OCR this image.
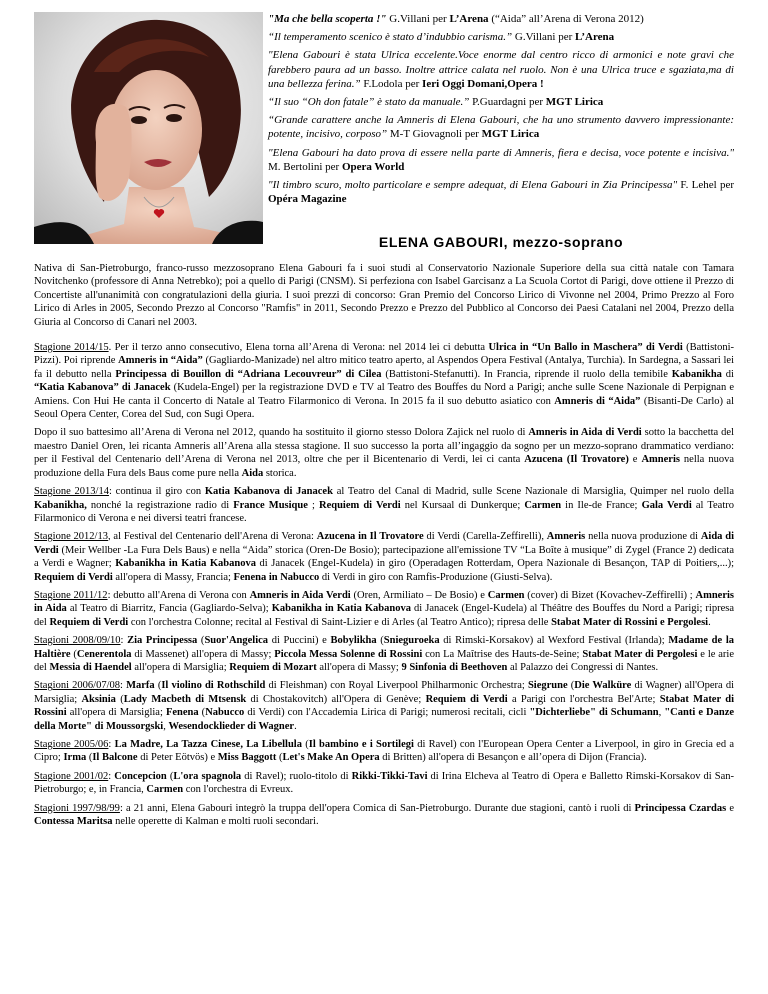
"Ma che bella scoperta !" G.Villani per L’Arena (“Aida” all’Arena di Verona 2012)

“Il temperamento scenico è stato d’indubbio carisma.” G.Villani per L’Arena

"Elena Gabouri è stata Ulrica eccelente.Voce enorme dal centro ricco di armonici e note gravi che farebbero paura ad un basso. Inoltre attrice calata nel ruolo. Non è una Ulrica truce e sgaziata,ma di una bellezza ferina.” F.Lodola per Ieri Oggi Domani,Opera !

“Il suo “Oh don fatale” è stato da manuale.” P.Guardagni per MGT Lirica

“Grande carattere anche la Amneris di Elena Gabouri, che ha uno strumento davvero impressionante: potente, incisivo, corposo” M-T Giovagnoli per MGT Lirica

"Elena Gabouri ha dato prova di essere nella parte di Amneris, fiera e decisa, voce potente e incisiva." M. Bertolini per Opera World

"Il timbro scuro, molto particolare e sempre adequat, di Elena Gabouri in Zia Principessa" F. Lehel per Opéra Magazine

ELENA GABOURI, mezzo-soprano

Nativa di San-Pietroburgo, franco-russo mezzosoprano Elena Gabouri fa i suoi studi al Conservatorio Nazionale Superiore della sua città natale con Tamara Novitchenko (professore di Anna Netrebko); poi a quello di Parigi (CNSM). Si perfeziona con Isabel Garcisanz a La Scuola Cortot di Parigi, dove ottiene il Prezzo di Concertiste all'unanimità con congratulazioni della giuria. I suoi prezzi di concorso: Gran Premio del Concorso Lirico di Vivonne nel 2004, Primo Prezzo al Foro Lirico di Arles in 2005, Secondo Prezzo al Concorso "Ramfis" in 2011, Secondo Prezzo e Prezzo del Pubblico al Concorso dei Paesi Catalani nel 2004, Prezzo della Giuria al Concorso di Canari nel 2003.

Stagione 2014/15. Per il terzo anno consecutivo, Elena torna all’Arena di Verona: nel 2014 lei ci debutta Ulrica in “Un Ballo in Maschera” di Verdi (Battistoni-Pizzi). Poi riprende Amneris in “Aida” (Gagliardo-Manizade) nel altro mitico teatro aperto, al Aspendos Opera Festival (Antalya, Turchia). In Sardegna, a Sassari lei fa il debutto nella Principessa di Bouillon di “Adriana Lecouvreur” di Cilea (Battistoni-Stefanutti). In Francia, riprende il ruolo della temibile Kabanikha di “Katia Kabanova” di Janacek (Kudela-Engel) per la registrazione DVD e TV al Teatro des Bouffes du Nord a Parigi; anche sulle Scene Nazionale di Perpignan e Amiens. Con Hui He canta il Concerto di Natale al Teatro Filarmonico di Verona. In 2015 fa il suo debutto asiatico con Amneris di “Aida” (Bisanti-De Carlo) al Seoul Opera Center, Corea del Sud, con Sugi Opera.

Dopo il suo battesimo all’Arena di Verona nel 2012, quando ha sostituito il giorno stesso Dolora Zajick nel ruolo di Amneris in Aida di Verdi sotto la bacchetta del maestro Daniel Oren, lei ricanta Amneris all’Arena alla stessa stagione. Il suo successo la porta all’ingaggio da sogno per un mezzo-soprano drammatico verdiano: per il Festival del Centenario dell’Arena di Verona nel 2013, oltre che per il Bicentenario di Verdi, lei ci canta Azucena (Il Trovatore) e Amneris nella nuova produzione della Fura dels Baus come pure nella Aida storica.

Stagione 2013/14: continua il giro con Katia Kabanova di Janacek al Teatro del Canal di Madrid, sulle Scene Nazionale di Marsiglia, Quimper nel ruolo della Kabanikha, nonché la registrazione radio di France Musique ; Requiem di Verdi nel Kursaal di Dunkerque; Carmen in Ile-de France; Gala Verdi al Teatro Filarmonico di Verona e nei diversi teatri francese.

Stagione 2012/13, al Festival del Centenario dell'Arena di Verona: Azucena in Il Trovatore di Verdi (Carella-Zeffirelli), Amneris nella nuova produzione di Aida di Verdi (Meir Wellber -La Fura Dels Baus) e nella “Aida” storica (Oren-De Bosio); partecipazione all'emissione TV “La Boîte à musique” di Zygel (France 2) dedicata a Verdi e Wagner; Kabanikha in Katia Kabanova di Janacek (Engel-Kudela) in giro (Operadagen Rotterdam, Opera Nazionale di Besançon, TAP di Poitiers,...); Requiem di Verdi all'opera di Massy, Francia; Fenena in Nabucco di Verdi in giro con Ramfis-Produzione (Giusti-Selva).

Stagione 2011/12: debutto all'Arena di Verona con Amneris in Aida Verdi (Oren, Armiliato – De Bosio) e Carmen (cover) di Bizet (Kovachev-Zeffirelli) ; Amneris in Aida al Teatro di Biarritz, Fancia (Gagliardo-Selva); Kabanikha in Katia Kabanova di Janacek (Engel-Kudela) al Théâtre des Bouffes du Nord a Parigi; ripresa del Requiem di Verdi con l'orchestra Colonne; recital al Festival di Saint-Lizier e di Arles (al Teatro Antico); ripresa delle Stabat Mater di Rossini e Pergolesi.

Stagioni 2008/09/10: Zia Principessa (Suor'Angelica di Puccini) e Bobylikha (Snieguroeka di Rimski-Korsakov) al Wexford Festival (Irlanda); Madame de la Haltière (Cenerentola di Massenet) all'opera di Massy; Piccola Messa Solenne di Rossini con La Maîtrise des Hauts-de-Seine; Stabat Mater di Pergolesi e le arie del Messia di Haendel all'opera di Marsiglia; Requiem di Mozart all'opera di Massy; 9 Sinfonia di Beethoven al Palazzo dei Congressi di Nantes.

Stagioni 2006/07/08: Marfa (Il violino di Rothschild di Fleishman) con Royal Liverpool Philharmonic Orchestra; Siegrune (Die Walküre di Wagner) all'Opera di Marsiglia; Aksinia (Lady Macbeth di Mtsensk di Chostakovitch) all'Opera di Genève; Requiem di Verdi a Parigi con l'orchestra Bel'Arte; Stabat Mater di Rossini all'opera di Marsiglia; Fenena (Nabucco di Verdi) con l'Accademia Lirica di Parigi; numerosi recitali, cicli "Dichterliebe" di Schumann, "Canti e Danze della Morte" di Moussorgski, Wesendocklieder di Wagner.

Stagione 2005/06: La Madre, La Tazza Cinese, La Libellula (Il bambino e i Sortilegi di Ravel) con l'European Opera Center a Liverpool, in giro in Grecia ed a Cipro; Irma (Il Balcone di Peter Eötvös) e Miss Baggott (Let's Make An Opera di Britten) all'opera di Besançon e all’opera di Dijon (Francia).

Stagione 2001/02: Concepcion (L'ora spagnola di Ravel); ruolo-titolo di Rikki-Tikki-Tavi di Irina Elcheva al Teatro di Opera e Balletto Rimski-Korsakov di San-Pietroburgo; e, in Francia, Carmen con l'orchestra di Evreux.

Stagioni 1997/98/99: a 21 anni, Elena Gabouri integrò la truppa dell'opera Comica di San-Pietroburgo. Durante due stagioni, cantò i ruoli di Principessa Czardas e Contessa Maritsa nelle operette di Kalman e molti ruoli secondari.
